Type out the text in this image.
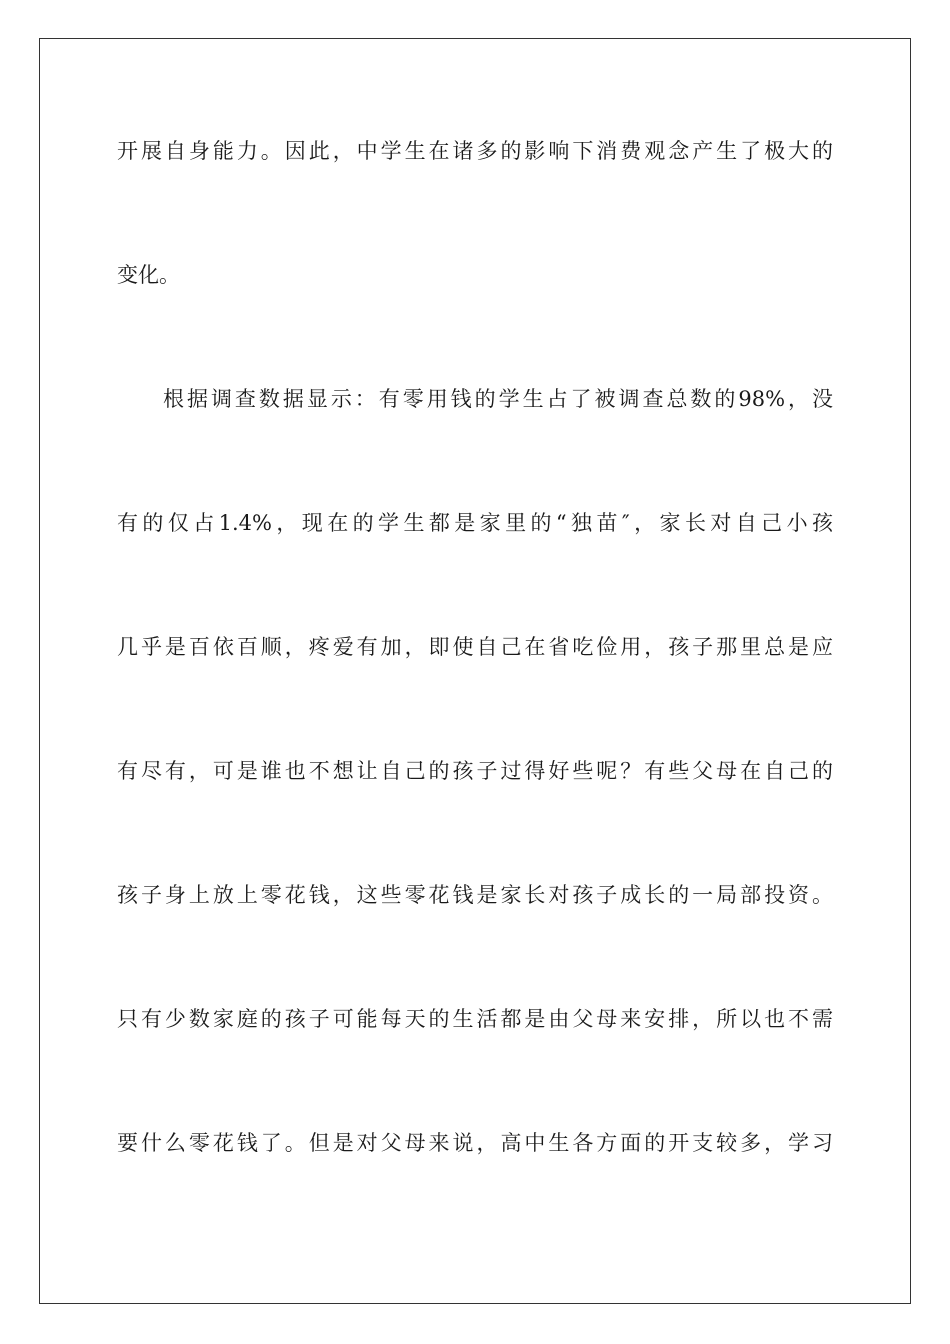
开展自身能力。因此，中学生在诸多的影响下消费观念产生了极大的

变化。

根据调查数据显示：有零用钱的学生占了被调查总数的98%，没

有的仅占1.4%，现在的学生都是家里的“独苗″，家长对自己小孩

几乎是百依百顺，疼爱有加，即使自己在省吃俭用，孩子那里总是应

有尽有，可是谁也不想让自己的孩子过得好些呢？有些父母在自己的

孩子身上放上零花钱，这些零花钱是家长对孩子成长的一局部投资。

只有少数家庭的孩子可能每天的生活都是由父母来安排，所以也不需

要什么零花钱了。但是对父母来说，高中生各方面的开支较多，学习
